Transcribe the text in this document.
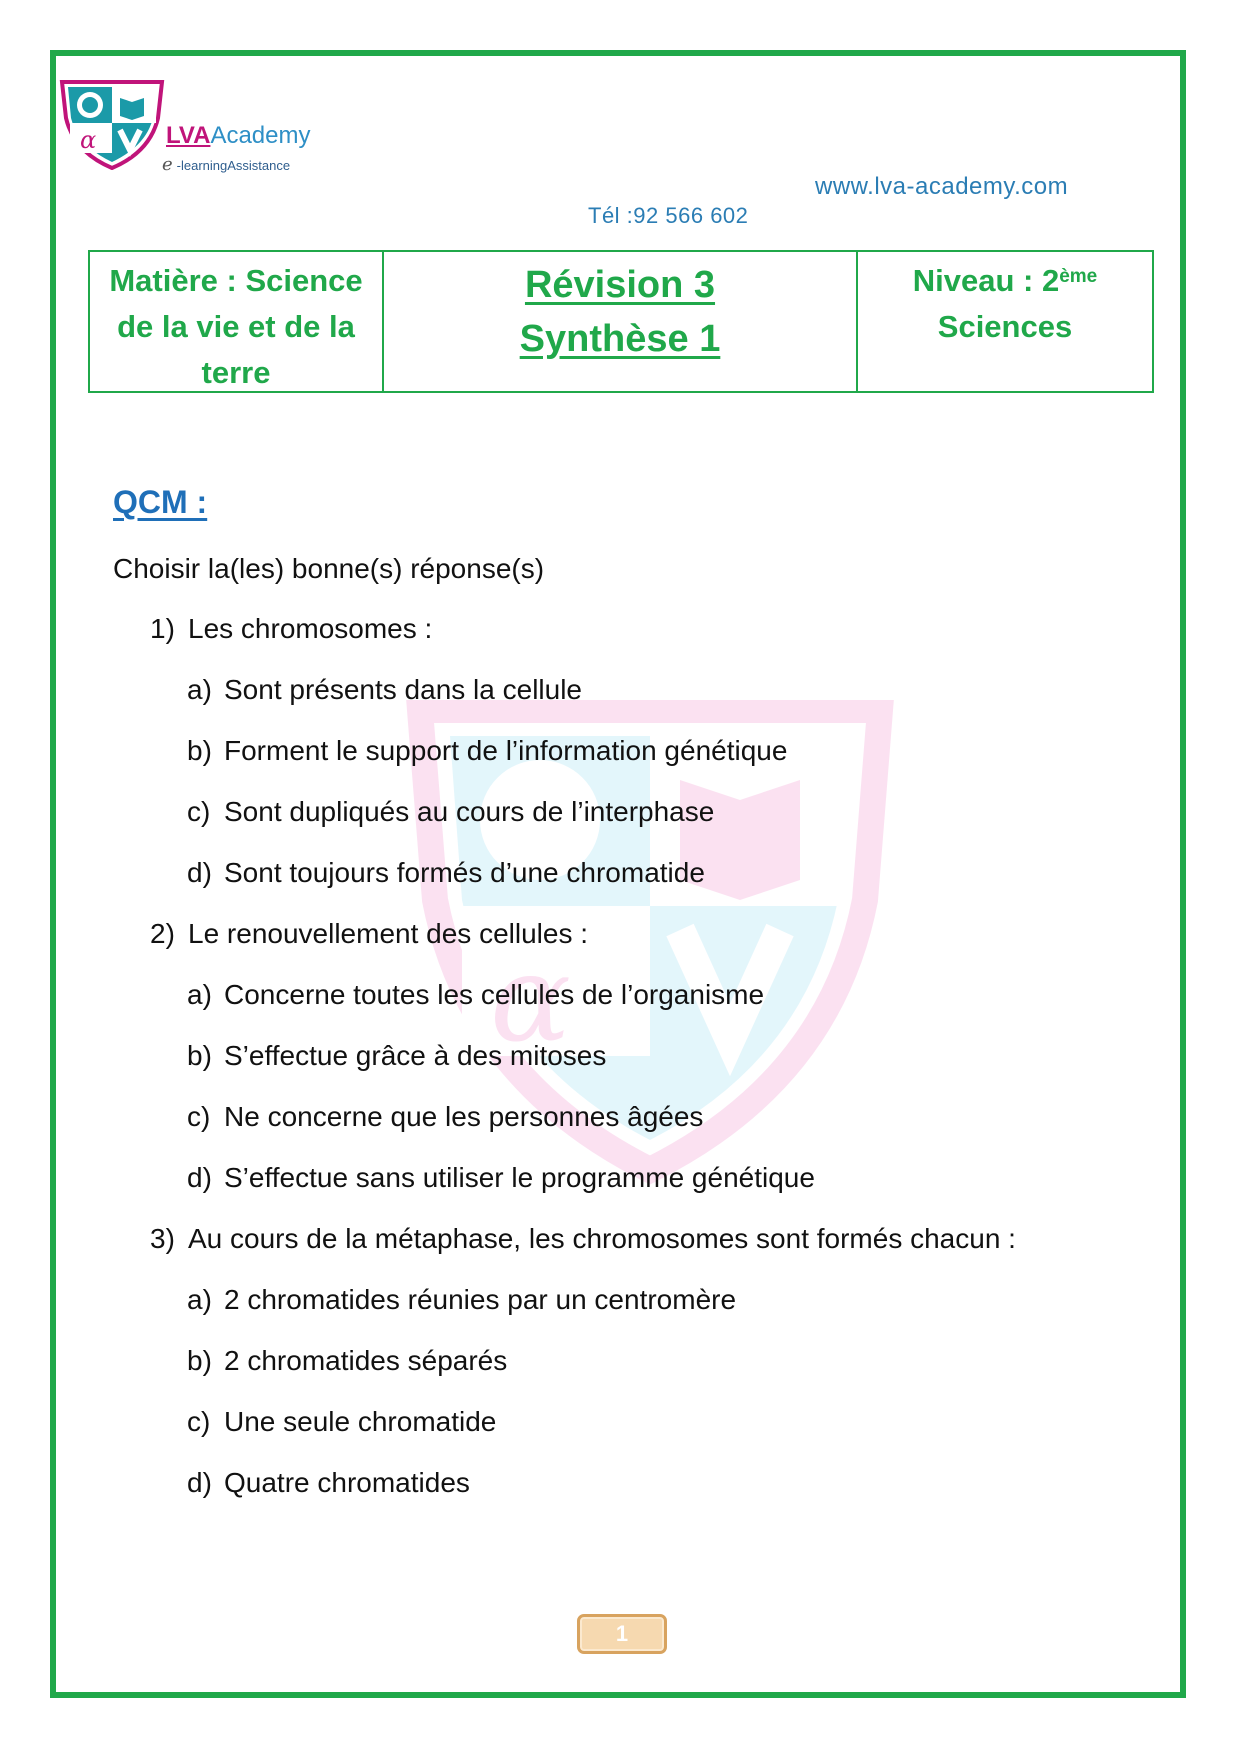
α	LVAAcademy
e -learningAssistance
www.lva-academy.com
Tél :92 566 602
Matière : Science
de la vie et de la
terre
Révision 3
Synthèse 1
Niveau : 2ème
Sciences
α
QCM :
Choisir la(les) bonne(s) réponse(s)
1) Les chromosomes :
a) Sont présents dans la cellule
b) Forment le support de l’information génétique
c) Sont dupliqués au cours de l’interphase
d) Sont toujours formés d’une chromatide
2) Le renouvellement des cellules :
a) Concerne toutes les cellules de l’organisme
b) S’effectue grâce à des mitoses
c) Ne concerne que les personnes âgées
d) S’effectue sans utiliser le programme génétique
3) Au cours de la métaphase, les chromosomes sont formés chacun :
a) 2 chromatides réunies par un centromère
b) 2 chromatides séparés
c) Une seule chromatide
d) Quatre chromatides
1
